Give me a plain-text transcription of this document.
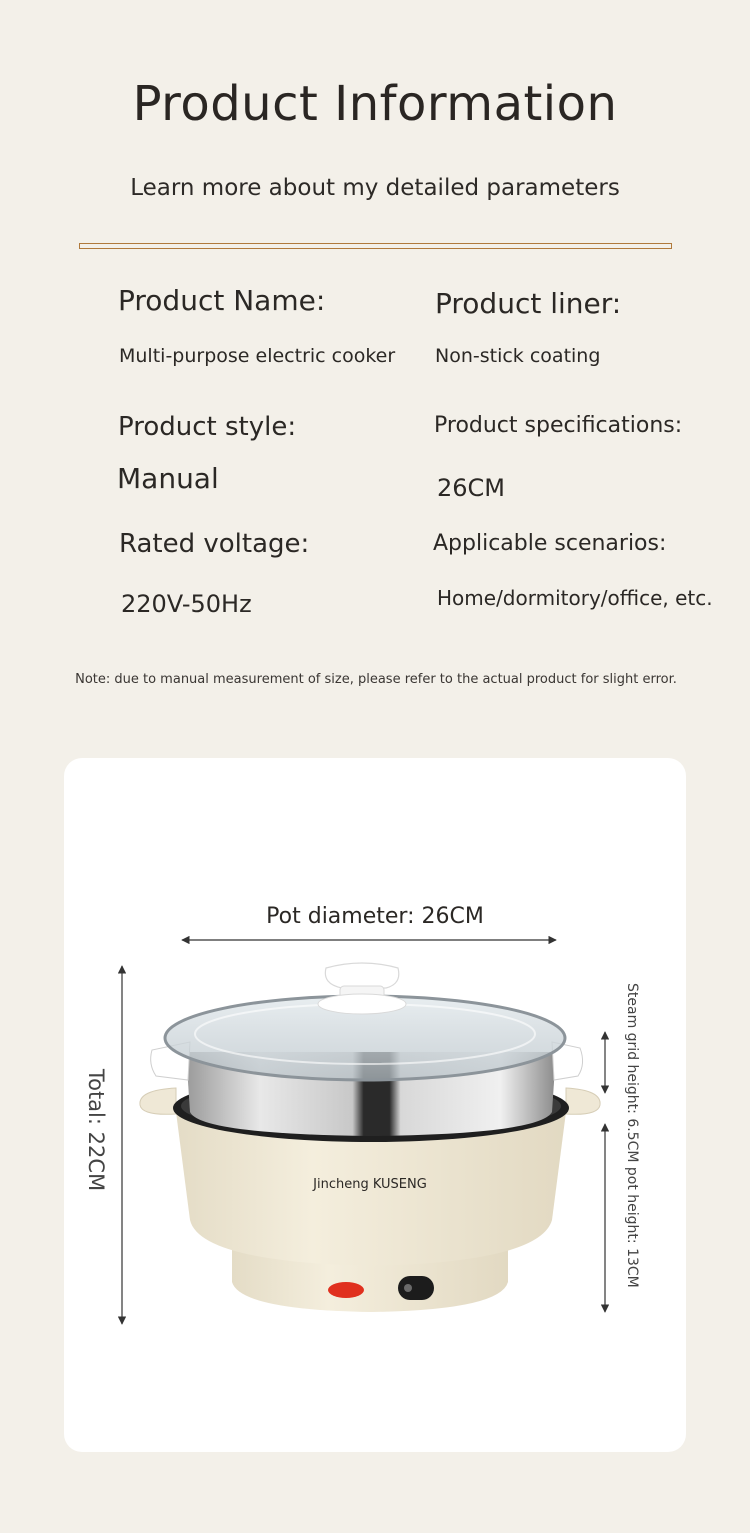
Product Information
Learn more about my detailed parameters
Product Name:
Multi-purpose electric cooker
Product liner:
Non-stick coating
Product style:
Manual
Product specifications:
26CM
Rated voltage:
220V-50Hz
Applicable scenarios:
Home/dormitory/office, etc.
Note: due to manual measurement of size, please refer to the actual product for slight error.
Pot diameter: 26CM
Total: 22CM	Steam grid height: 6.5CM pot height: 13CM
Jincheng KUSENG
